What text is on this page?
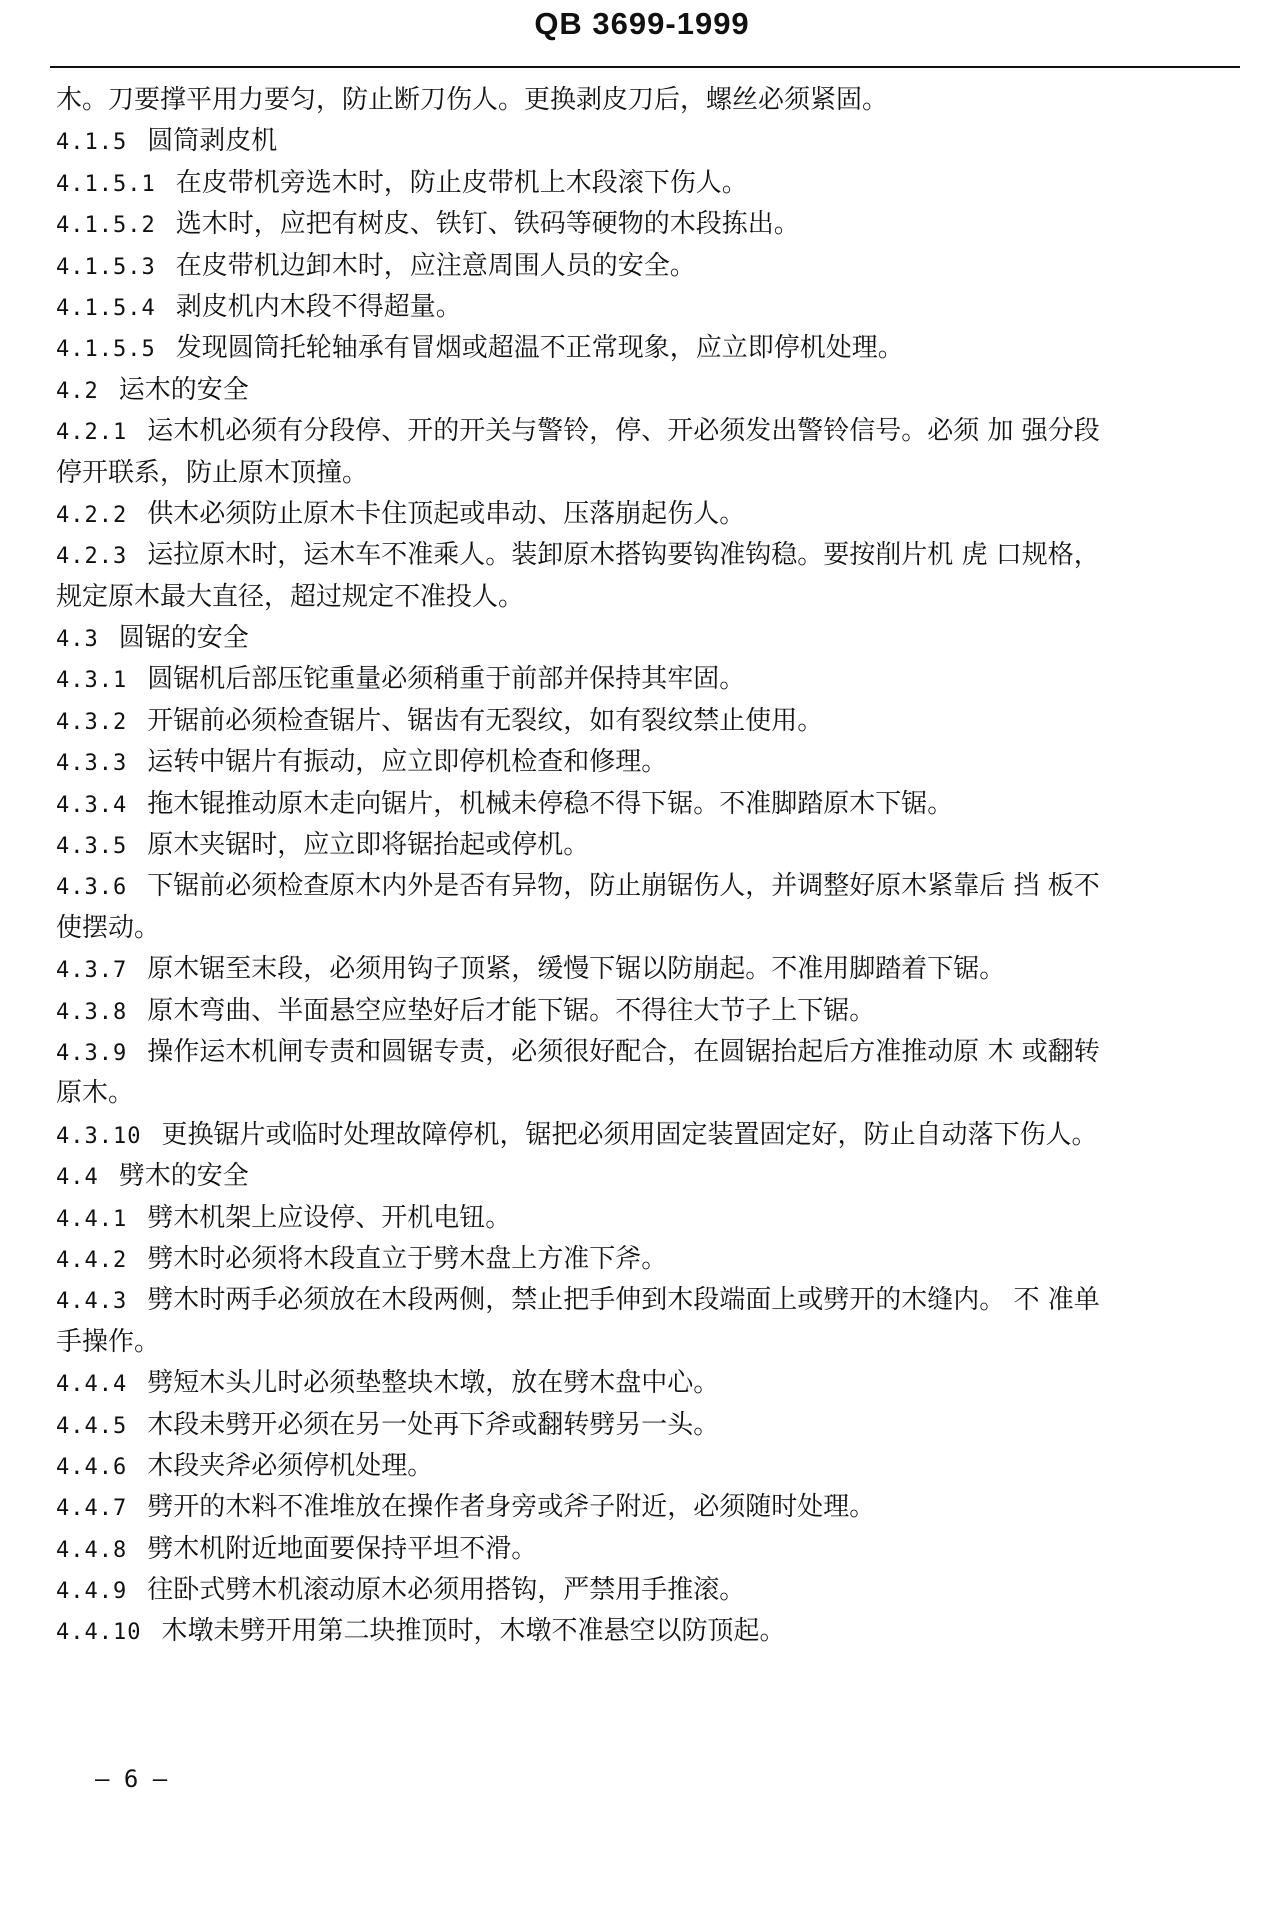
QB 3699-1999
木。刀要撑平用力要匀，防止断刀伤人。更换剥皮刀后，螺丝必须紧固。
4.1.5 圆筒剥皮机
4.1.5.1 在皮带机旁选木时，防止皮带机上木段滚下伤人。
4.1.5.2 选木时，应把有树皮、铁钉、铁码等硬物的木段拣出。
4.1.5.3 在皮带机边卸木时，应注意周围人员的安全。
4.1.5.4 剥皮机内木段不得超量。
4.1.5.5 发现圆筒托轮轴承有冒烟或超温不正常现象，应立即停机处理。
4.2 运木的安全
4.2.1 运木机必须有分段停、开的开关与警铃，停、开必须发出警铃信号。必须 加 强分段
停开联系，防止原木顶撞。
4.2.2 供木必须防止原木卡住顶起或串动、压落崩起伤人。
4.2.3 运拉原木时，运木车不准乘人。装卸原木搭钩要钩准钩稳。要按削片机 虎 口规格，
规定原木最大直径，超过规定不准投人。
4.3 圆锯的安全
4.3.1 圆锯机后部压铊重量必须稍重于前部并保持其牢固。
4.3.2 开锯前必须检查锯片、锯齿有无裂纹，如有裂纹禁止使用。
4.3.3 运转中锯片有振动，应立即停机检查和修理。
4.3.4 拖木锟推动原木走向锯片，机械未停稳不得下锯。不准脚踏原木下锯。
4.3.5 原木夹锯时，应立即将锯抬起或停机。
4.3.6 下锯前必须检查原木内外是否有异物，防止崩锯伤人，并调整好原木紧靠后 挡 板不
使摆动。
4.3.7 原木锯至末段，必须用钩子顶紧，缓慢下锯以防崩起。不准用脚踏着下锯。
4.3.8 原木弯曲、半面悬空应垫好后才能下锯。不得往大节子上下锯。
4.3.9 操作运木机闸专责和圆锯专责，必须很好配合，在圆锯抬起后方准推动原 木 或翻转
原木。
4.3.10 更换锯片或临时处理故障停机，锯把必须用固定装置固定好，防止自动落下伤人。
4.4 劈木的安全
4.4.1 劈木机架上应设停、开机电钮。
4.4.2 劈木时必须将木段直立于劈木盘上方准下斧。
4.4.3 劈木时两手必须放在木段两侧，禁止把手伸到木段端面上或劈开的木缝内。 不 准单
手操作。
4.4.4 劈短木头儿时必须垫整块木墩，放在劈木盘中心。
4.4.5 木段未劈开必须在另一处再下斧或翻转劈另一头。
4.4.6 木段夹斧必须停机处理。
4.4.7 劈开的木料不准堆放在操作者身旁或斧子附近，必须随时处理。
4.4.8 劈木机附近地面要保持平坦不滑。
4.4.9 往卧式劈木机滚动原木必须用搭钩，严禁用手推滚。
4.4.10 木墩未劈开用第二块推顶时，木墩不准悬空以防顶起。
— 6 —
